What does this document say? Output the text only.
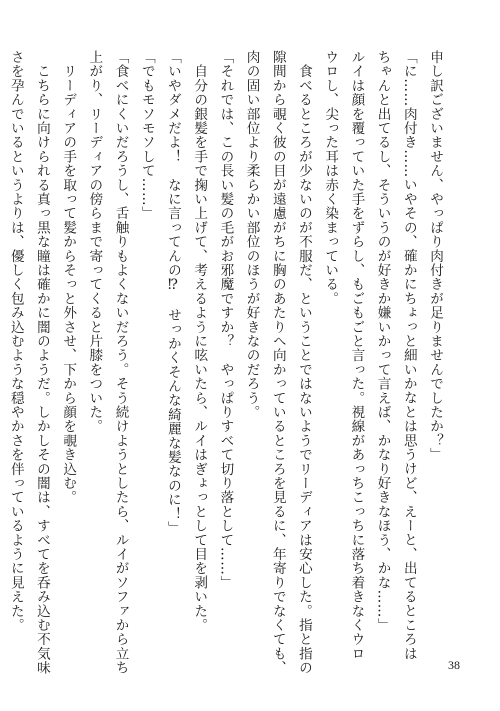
申し訳ございません、やっぱり肉付きが足りませんでしたか？」
「に……肉付き……いやその、確かにちょっと細いかなとは思うけど、えーと、出てるところは
ちゃんと出てるし、そういうのが好きか嫌いかって言えば、かなり好きなほう、かな……」
ルイは顔を覆っていた手をずらし、もごもごと言った。視線があっちこっちに落ち着きなくウロ
ウロし、尖った耳は赤く染まっている。
　食べるところが少ないのが不服だ、ということではないようでリーディアは安心した。指と指の
隙間から覗く彼の目が遠慮がちに胸のあたりへ向かっているところを見るに、年寄りでなくても、
肉の固い部位より柔らかい部位のほうが好きなのだろう。
「それでは、この長い髪の毛がお邪魔ですか？　やっぱりすべて切り落として……」
　自分の銀髪を手で掬い上げて、考えるように呟いたら、ルイはぎょっとして目を剥いた。
「いやダメだよ！　なに言ってんの⁉　せっかくそんな綺麗な髪なのに！」
「でもモソモソして……」
「食べにくいだろうし、舌触りもよくないだろう。そう続けようとしたら、ルイがソファから立ち
上がり、リーディアの傍らまで寄ってくると片膝をついた。
　リーディアの手を取って髪からそっと外させ、下から顔を覗き込む。
　こちらに向けられる真っ黒な瞳は確かに闇のようだ。しかしその闇は、すべてを呑み込む不気味
さを孕んでいるというよりは、優しく包み込むような穏やかさを伴っているように見えた。
38
